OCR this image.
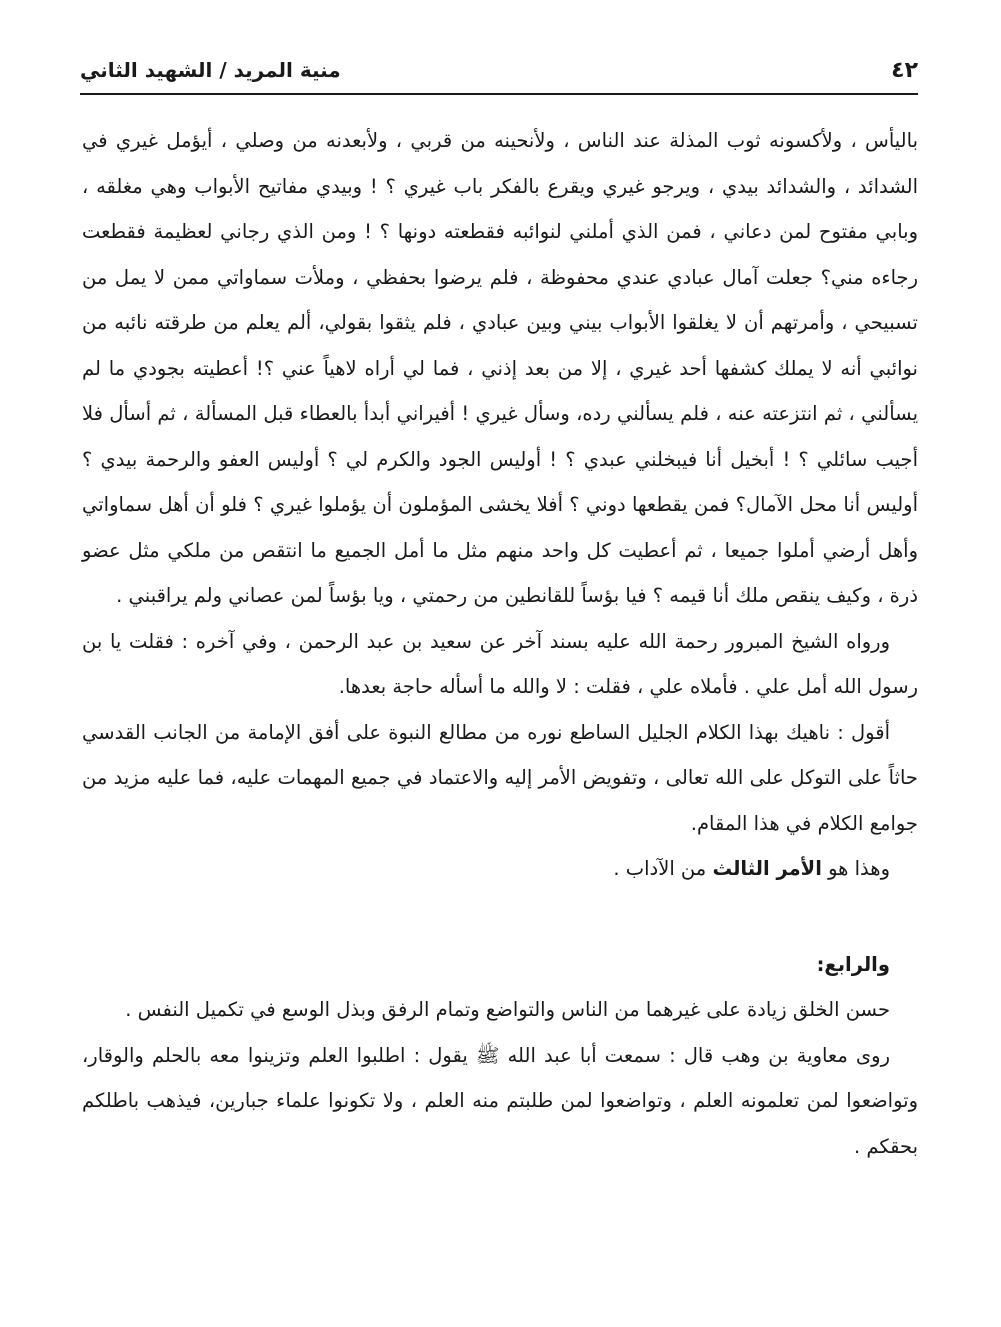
٤٢
منية المريد / الشهيد الثاني

باليأس ، ولأكسونه ثوب المذلة عند الناس ، ولأنحينه من قربي ، ولأبعدنه من وصلي ، أيؤمل غيري في الشدائد ، والشدائد بيدي ، ويرجو غيري ويقرع بالفكر باب غيري ؟ ! وبيدي مفاتيح الأبواب وهي مغلقه ، وبابي مفتوح لمن دعاني ، فمن الذي أملني لنوائبه فقطعته دونها ؟ ! ومن الذي رجاني لعظيمة فقطعت رجاءه مني؟ جعلت آمال عبادي عندي محفوظة ، فلم يرضوا بحفظي ، وملأت سماواتي ممن لا يمل من تسبيحي ، وأمرتهم أن لا يغلقوا الأبواب بيني وبين عبادي ، فلم يثقوا بقولي، ألم يعلم من طرقته نائبه من نوائبي أنه لا يملك كشفها أحد غيري ، إلا من بعد إذني ، فما لي أراه لاهياً عني ؟! أعطيته بجودي ما لم يسألني ، ثم انتزعته عنه ، فلم يسألني رده، وسأل غيري ! أفيراني أبدأ بالعطاء قبل المسألة ، ثم أسأل فلا أجيب سائلي ؟ ! أبخيل أنا فيبخلني عبدي ؟ ! أوليس الجود والكرم لي ؟ أوليس العفو والرحمة بيدي ؟ أوليس أنا محل الآمال؟ فمن يقطعها دوني ؟ أفلا يخشى المؤملون أن يؤملوا غيري ؟ فلو أن أهل سماواتي وأهل أرضي أملوا جميعا ، ثم أعطيت كل واحد منهم مثل ما أمل الجميع ما انتقص من ملكي مثل عضو ذرة ، وكيف ينقص ملك أنا قيمه ؟ فيا بؤساً للقانطين من رحمتي ، ويا بؤساً لمن عصاني ولم يراقبني .

ورواه الشيخ المبرور رحمة الله عليه بسند آخر عن سعيد بن عبد الرحمن ، وفي آخره : فقلت يا بن رسول الله أمل علي . فأملاه علي ، فقلت : لا والله ما أسأله حاجة بعدها.

أقول : ناهيك بهذا الكلام الجليل الساطع نوره من مطالع النبوة على أفق الإمامة من الجانب القدسي حاثاً على التوكل على الله تعالى ، وتفويض الأمر إليه والاعتماد في جميع المهمات عليه، فما عليه مزيد من جوامع الكلام في هذا المقام.

وهذا هو الأمر الثالث من الآداب .

والرابع:

حسن الخلق زيادة على غيرهما من الناس والتواضع وتمام الرفق وبذل الوسع في تكميل النفس .

روى معاوية بن وهب قال : سمعت أبا عبد الله ﷺ يقول : اطلبوا العلم وتزينوا معه بالحلم والوقار، وتواضعوا لمن تعلمونه العلم ، وتواضعوا لمن طلبتم منه العلم ، ولا تكونوا علماء جبارين، فيذهب باطلكم بحقكم .
